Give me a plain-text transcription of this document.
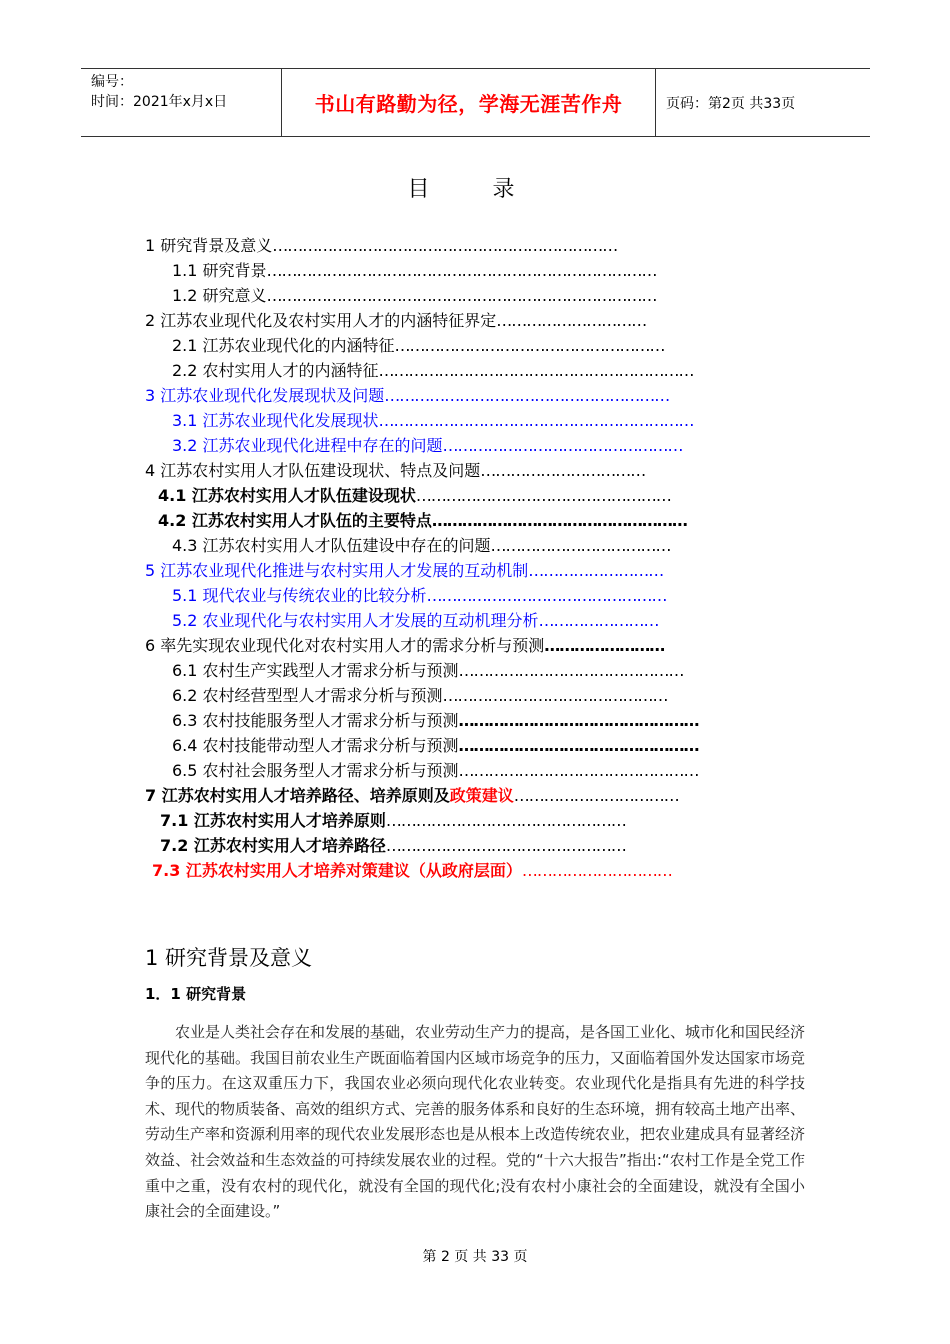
编号：
时间：2021年x月x日	书山有路勤为径，学海无涯苦作舟	页码：第2页 共33页
目 录
1 研究背景及意义……………………………………………………………
1.1 研究背景……………………………………………………………………
1.2 研究意义……………………………………………………………………
2 江苏农业现代化及农村实用人才的内涵特征界定…………………………
2.1 江苏农业现代化的内涵特征………………………………………………
2.2 农村实用人才的内涵特征………………………………………………………
3 江苏农业现代化发展现状及问题…………………………………………………
3.1 江苏农业现代化发展现状………………………………………………………
3.2 江苏农业现代化进程中存在的问题…………………………………………
4 江苏农村实用人才队伍建设现状、特点及问题……………………………
4.1 江苏农村实用人才队伍建设现状……………………………………………
4.2 江苏农村实用人才队伍的主要特点……………………………………………
4.3 江苏农村实用人才队伍建设中存在的问题………………………………
5 江苏农业现代化推进与农村实用人才发展的互动机制………………………
5.1 现代农业与传统农业的比较分析…………………………………………
5.2 农业现代化与农村实用人才发展的互动机理分析……………………
6 率先实现农业现代化对农村实用人才的需求分析与预测……………………
6.1 农村生产实践型人才需求分析与预测………………………………………
6.2 农村经营型型人才需求分析与预测………………………………………
6.3 农村技能服务型人才需求分析与预测…………………………………………
6.4 农村技能带动型人才需求分析与预测…………………………………………
6.5 农村社会服务型人才需求分析与预测…………………………………………
7 江苏农村实用人才培养路径、培养原则及政策建议……………………………
7.1 江苏农村实用人才培养原则…………………………………………
7.2 江苏农村实用人才培养路径…………………………………………
7.3 江苏农村实用人才培养对策建议（从政府层面）…………………………
1 研究背景及意义
1．1 研究背景

农业是人类社会存在和发展的基础，农业劳动生产力的提高，是各国工业化、城市化和国民经济现代化的基础。我国目前农业生产既面临着国内区域市场竞争的压力，又面临着国外发达国家市场竞争的压力。在这双重压力下，我国农业必须向现代化农业转变。农业现代化是指具有先进的科学技术、现代的物质装备、高效的组织方式、完善的服务体系和良好的生态环境，拥有较高土地产出率、劳动生产率和资源利用率的现代农业发展形态也是从根本上改造传统农业，把农业建成具有显著经济效益、社会效益和生态效益的可持续发展农业的过程。党的“十六大报告”指出:“农村工作是全党工作重中之重，没有农村的现代化，就没有全国的现代化;没有农村小康社会的全面建设，就没有全国小康社会的全面建设。”

第 2 页 共 33 页
